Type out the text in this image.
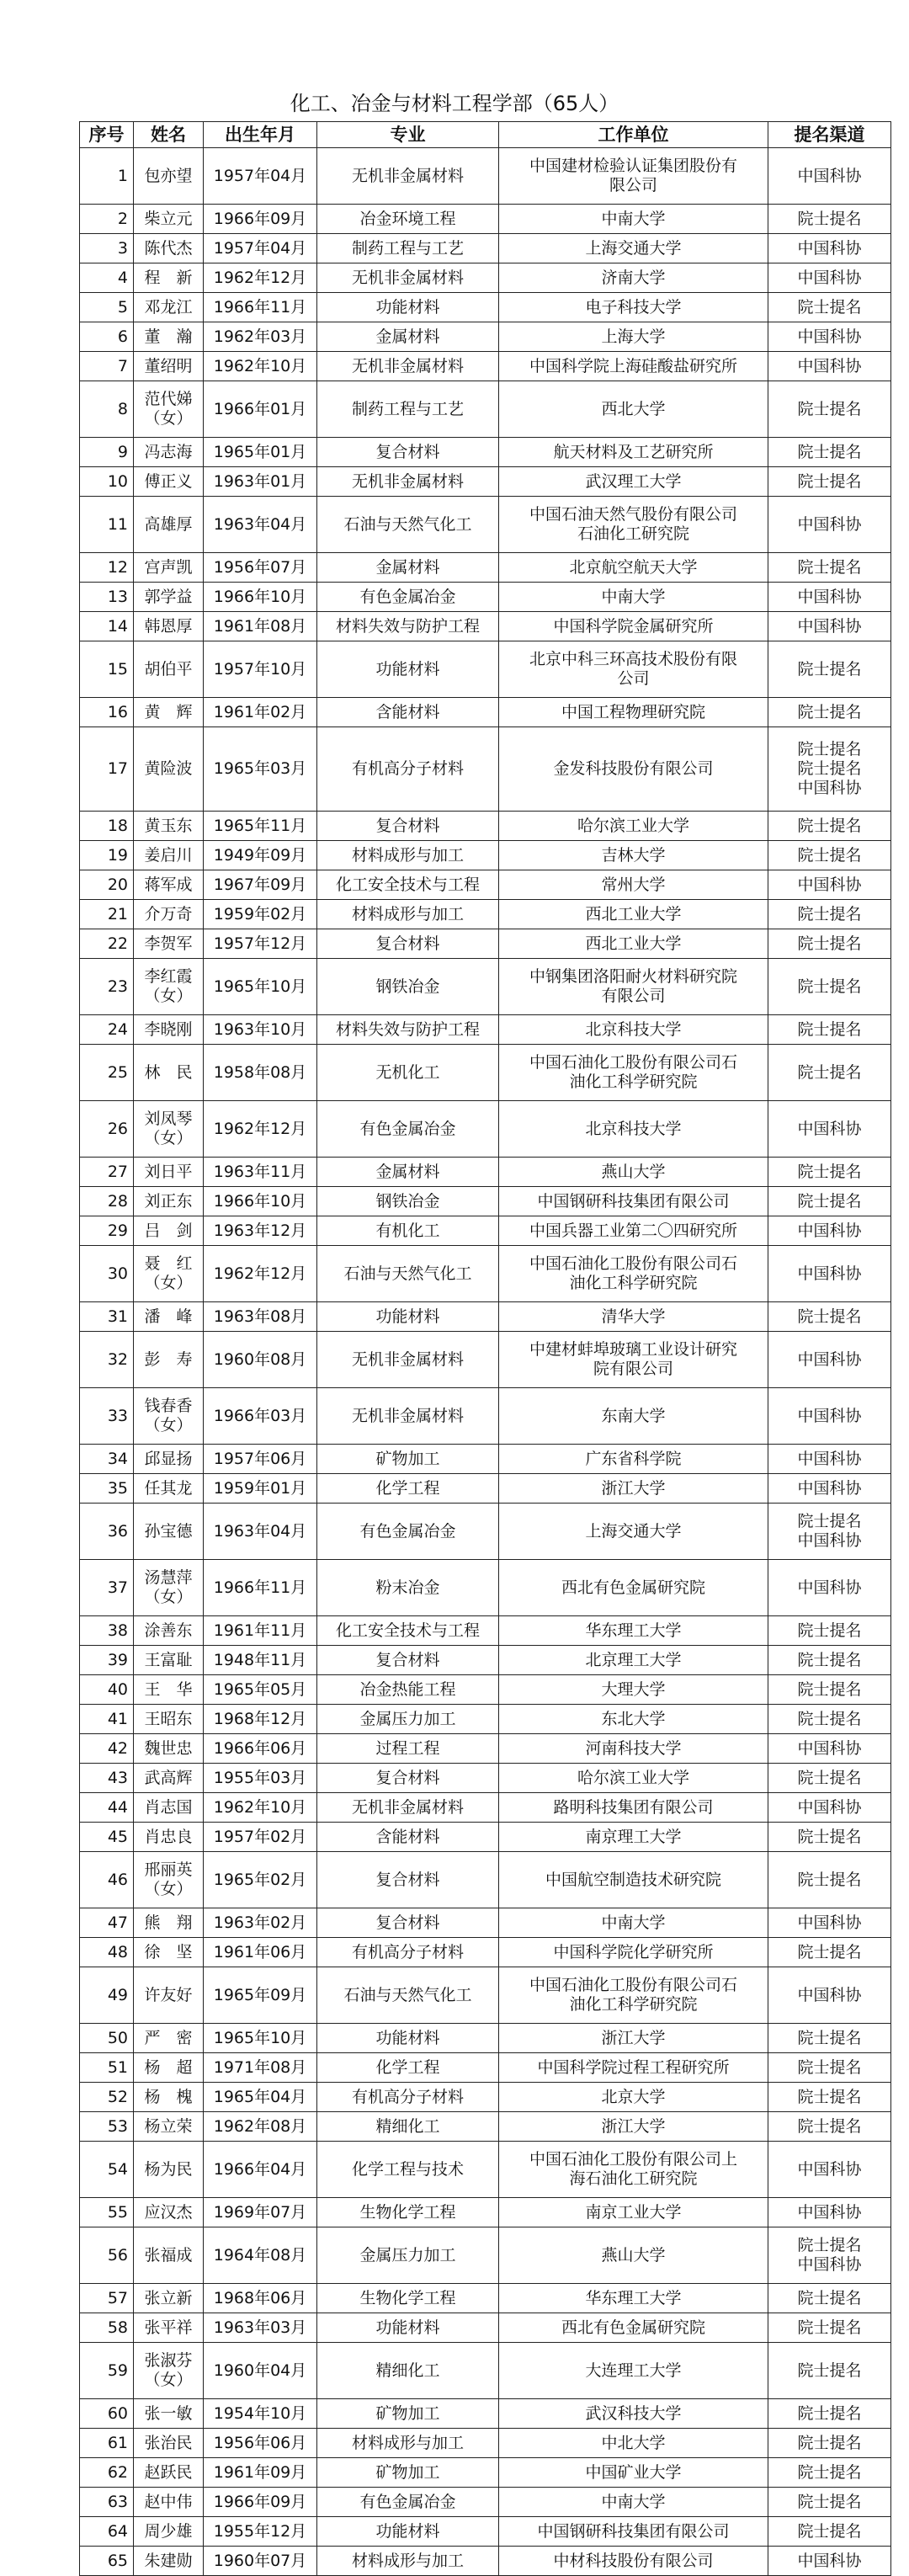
化工、冶金与材料工程学部（65人）
序号	姓名	出生年月	专业	工作单位	提名渠道
1	包亦望	1957年04月	无机非金属材料	中国建材检验认证集团股份有
限公司	中国科协

2	柴立元	1966年09月	冶金环境工程	中南大学	院士提名

3	陈代杰	1957年04月	制药工程与工艺	上海交通大学	中国科协

4	程　新	1962年12月	无机非金属材料	济南大学	中国科协

5	邓龙江	1966年11月	功能材料	电子科技大学	院士提名

6	董　瀚	1962年03月	金属材料	上海大学	中国科协

7	董绍明	1962年10月	无机非金属材料	中国科学院上海硅酸盐研究所	中国科协

8	范代娣
（女）	1966年01月	制药工程与工艺	西北大学	院士提名

9	冯志海	1965年01月	复合材料	航天材料及工艺研究所	院士提名

10	傅正义	1963年01月	无机非金属材料	武汉理工大学	院士提名

11	高雄厚	1963年04月	石油与天然气化工	中国石油天然气股份有限公司
石油化工研究院	中国科协

12	宫声凯	1956年07月	金属材料	北京航空航天大学	院士提名

13	郭学益	1966年10月	有色金属冶金	中南大学	中国科协

14	韩恩厚	1961年08月	材料失效与防护工程	中国科学院金属研究所	中国科协

15	胡伯平	1957年10月	功能材料	北京中科三环高技术股份有限
公司	院士提名

16	黄　辉	1961年02月	含能材料	中国工程物理研究院	院士提名

17	黄险波	1965年03月	有机高分子材料	金发科技股份有限公司	院士提名
院士提名
中国科协

18	黄玉东	1965年11月	复合材料	哈尔滨工业大学	院士提名

19	姜启川	1949年09月	材料成形与加工	吉林大学	院士提名

20	蒋军成	1967年09月	化工安全技术与工程	常州大学	中国科协

21	介万奇	1959年02月	材料成形与加工	西北工业大学	院士提名

22	李贺军	1957年12月	复合材料	西北工业大学	院士提名

23	李红霞
（女）	1965年10月	钢铁冶金	中钢集团洛阳耐火材料研究院
有限公司	院士提名

24	李晓刚	1963年10月	材料失效与防护工程	北京科技大学	院士提名

25	林　民	1958年08月	无机化工	中国石油化工股份有限公司石
油化工科学研究院	院士提名

26	刘凤琴
（女）	1962年12月	有色金属冶金	北京科技大学	中国科协

27	刘日平	1963年11月	金属材料	燕山大学	院士提名

28	刘正东	1966年10月	钢铁冶金	中国钢研科技集团有限公司	院士提名

29	吕　剑	1963年12月	有机化工	中国兵器工业第二〇四研究所	中国科协

30	聂　红
（女）	1962年12月	石油与天然气化工	中国石油化工股份有限公司石
油化工科学研究院	中国科协

31	潘　峰	1963年08月	功能材料	清华大学	院士提名

32	彭　寿	1960年08月	无机非金属材料	中建材蚌埠玻璃工业设计研究
院有限公司	中国科协

33	钱春香
（女）	1966年03月	无机非金属材料	东南大学	中国科协

34	邱显扬	1957年06月	矿物加工	广东省科学院	中国科协

35	任其龙	1959年01月	化学工程	浙江大学	中国科协

36	孙宝德	1963年04月	有色金属冶金	上海交通大学	院士提名
中国科协

37	汤慧萍
（女）	1966年11月	粉末冶金	西北有色金属研究院	中国科协

38	涂善东	1961年11月	化工安全技术与工程	华东理工大学	院士提名

39	王富耻	1948年11月	复合材料	北京理工大学	院士提名

40	王　华	1965年05月	冶金热能工程	大理大学	院士提名

41	王昭东	1968年12月	金属压力加工	东北大学	院士提名

42	魏世忠	1966年06月	过程工程	河南科技大学	中国科协

43	武高辉	1955年03月	复合材料	哈尔滨工业大学	院士提名

44	肖志国	1962年10月	无机非金属材料	路明科技集团有限公司	中国科协

45	肖忠良	1957年02月	含能材料	南京理工大学	院士提名

46	邢丽英
（女）	1965年02月	复合材料	中国航空制造技术研究院	院士提名

47	熊　翔	1963年02月	复合材料	中南大学	中国科协

48	徐　坚	1961年06月	有机高分子材料	中国科学院化学研究所	院士提名

49	许友好	1965年09月	石油与天然气化工	中国石油化工股份有限公司石
油化工科学研究院	中国科协

50	严　密	1965年10月	功能材料	浙江大学	院士提名

51	杨　超	1971年08月	化学工程	中国科学院过程工程研究所	院士提名

52	杨　槐	1965年04月	有机高分子材料	北京大学	院士提名

53	杨立荣	1962年08月	精细化工	浙江大学	院士提名

54	杨为民	1966年04月	化学工程与技术	中国石油化工股份有限公司上
海石油化工研究院	中国科协

55	应汉杰	1969年07月	生物化学工程	南京工业大学	中国科协

56	张福成	1964年08月	金属压力加工	燕山大学	院士提名
中国科协

57	张立新	1968年06月	生物化学工程	华东理工大学	院士提名

58	张平祥	1963年03月	功能材料	西北有色金属研究院	院士提名

59	张淑芬
（女）	1960年04月	精细化工	大连理工大学	院士提名

60	张一敏	1954年10月	矿物加工	武汉科技大学	院士提名

61	张治民	1956年06月	材料成形与加工	中北大学	院士提名

62	赵跃民	1961年09月	矿物加工	中国矿业大学	院士提名

63	赵中伟	1966年09月	有色金属冶金	中南大学	院士提名

64	周少雄	1955年12月	功能材料	中国钢研科技集团有限公司	院士提名

65	朱建勋	1960年07月	材料成形与加工	中材科技股份有限公司	中国科协
